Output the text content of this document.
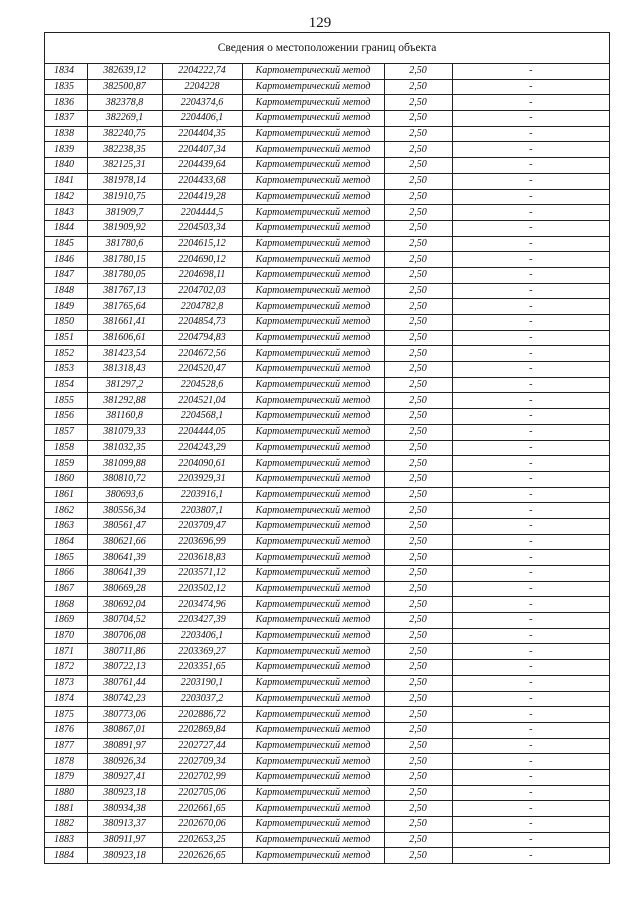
129
Сведения о местоположении границ объекта
1834	382639,12	2204222,74	Картометрический метод	2,50	-
1835	382500,87	2204228	Картометрический метод	2,50	-
1836	382378,8	2204374,6	Картометрический метод	2,50	-
1837	382269,1	2204406,1	Картометрический метод	2,50	-
1838	382240,75	2204404,35	Картометрический метод	2,50	-
1839	382238,35	2204407,34	Картометрический метод	2,50	-
1840	382125,31	2204439,64	Картометрический метод	2,50	-
1841	381978,14	2204433,68	Картометрический метод	2,50	-
1842	381910,75	2204419,28	Картометрический метод	2,50	-
1843	381909,7	2204444,5	Картометрический метод	2,50	-
1844	381909,92	2204503,34	Картометрический метод	2,50	-
1845	381780,6	2204615,12	Картометрический метод	2,50	-
1846	381780,15	2204690,12	Картометрический метод	2,50	-
1847	381780,05	2204698,11	Картометрический метод	2,50	-
1848	381767,13	2204702,03	Картометрический метод	2,50	-
1849	381765,64	2204782,8	Картометрический метод	2,50	-
1850	381661,41	2204854,73	Картометрический метод	2,50	-
1851	381606,61	2204794,83	Картометрический метод	2,50	-
1852	381423,54	2204672,56	Картометрический метод	2,50	-
1853	381318,43	2204520,47	Картометрический метод	2,50	-
1854	381297,2	2204528,6	Картометрический метод	2,50	-
1855	381292,88	2204521,04	Картометрический метод	2,50	-
1856	381160,8	2204568,1	Картометрический метод	2,50	-
1857	381079,33	2204444,05	Картометрический метод	2,50	-
1858	381032,35	2204243,29	Картометрический метод	2,50	-
1859	381099,88	2204090,61	Картометрический метод	2,50	-
1860	380810,72	2203929,31	Картометрический метод	2,50	-
1861	380693,6	2203916,1	Картометрический метод	2,50	-
1862	380556,34	2203807,1	Картометрический метод	2,50	-
1863	380561,47	2203709,47	Картометрический метод	2,50	-
1864	380621,66	2203696,99	Картометрический метод	2,50	-
1865	380641,39	2203618,83	Картометрический метод	2,50	-
1866	380641,39	2203571,12	Картометрический метод	2,50	-
1867	380669,28	2203502,12	Картометрический метод	2,50	-
1868	380692,04	2203474,96	Картометрический метод	2,50	-
1869	380704,52	2203427,39	Картометрический метод	2,50	-
1870	380706,08	2203406,1	Картометрический метод	2,50	-
1871	380711,86	2203369,27	Картометрический метод	2,50	-
1872	380722,13	2203351,65	Картометрический метод	2,50	-
1873	380761,44	2203190,1	Картометрический метод	2,50	-
1874	380742,23	2203037,2	Картометрический метод	2,50	-
1875	380773,06	2202886,72	Картометрический метод	2,50	-
1876	380867,01	2202869,84	Картометрический метод	2,50	-
1877	380891,97	2202727,44	Картометрический метод	2,50	-
1878	380926,34	2202709,34	Картометрический метод	2,50	-
1879	380927,41	2202702,99	Картометрический метод	2,50	-
1880	380923,18	2202705,06	Картометрический метод	2,50	-
1881	380934,38	2202661,65	Картометрический метод	2,50	-
1882	380913,37	2202670,06	Картометрический метод	2,50	-
1883	380911,97	2202653,25	Картометрический метод	2,50	-
1884	380923,18	2202626,65	Картометрический метод	2,50	-
